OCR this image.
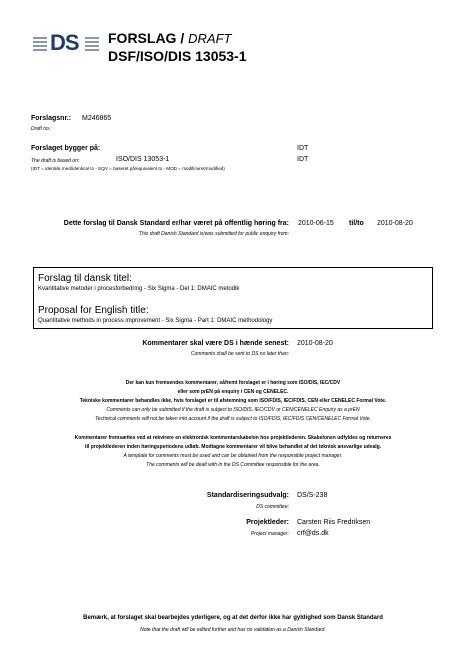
DS FORSLAG / DRAFT
DSF/ISO/DIS 13053-1
Forslagsnr.: M246865
Draft no.:
Forslaget bygger på:	IDT
The draft is based on:	ISO/DIS 13053-1	IDT
(IDT = identisk med/identical to - EQV = baseret på/equivalent to - MOD = modificeret/modified)
Dette forslag til Dansk Standard er/har været på offentlig høring fra: 2010-06-15 til/to 2010-08-20
This draft Danish Standard is/was submitted for public enquiry from:
Forslag til dansk titel:
Kvantitative metoder i procesforbedring - Six Sigma - Del 1: DMAIC metodik
Proposal for English title:
Quantitative methods in process improvement - Six Sigma - Part 1: DMAIC methodology
Kommentarer skal være DS i hænde senest: 2010-08-20
Comments shall be sent to DS no later than:
Der kan kun fremsendes kommentarer, såfremt forslaget er i høring som ISO/DIS, IEC/CDV
eller som prEN på enquiry i CEN og CENELEC.
Tekniske kommentarer behandles ikke, hvis forslaget er til afstemning som ISO/FDIS, IEC/FDIS, CEN eller CENELEC Formal Vote.
Comments can only be submitted if the draft is subject to ISO/DIS, IEC/CDV or CEN/CENELEC Enquiry as a prEN
Technical comments will not be taken into account if the draft is subject to ISO/FDIS, IEC/FDIS CEN/CENELEC Formal Vote.
Kommentarer fremsættes ved at rekvirere en elektronisk kommentarskabelon hos projektlederen. Skabelonen udfyldes og returneres
til projektlederen inden høringsperiodens udløb. Modtagne kommentarer vil blive behandlet af det teknisk ansvarlige udvalg.
A template for comments must be used and can be obtained from the responsible project manager.
The comments will be dealt with in the DS Committee responsible for the area.
Standardiseringsudvalg: DS/S-238
DS committee:
Projektleder: Carsten Riis Fredriksen
Project manager: crf@ds.dk
Bemærk, at forslaget skal bearbejdes yderligere, og at det derfor ikke har gyldighed som Dansk Standard
Note that the draft will be edited further and has no validation as a Danish Standard.
